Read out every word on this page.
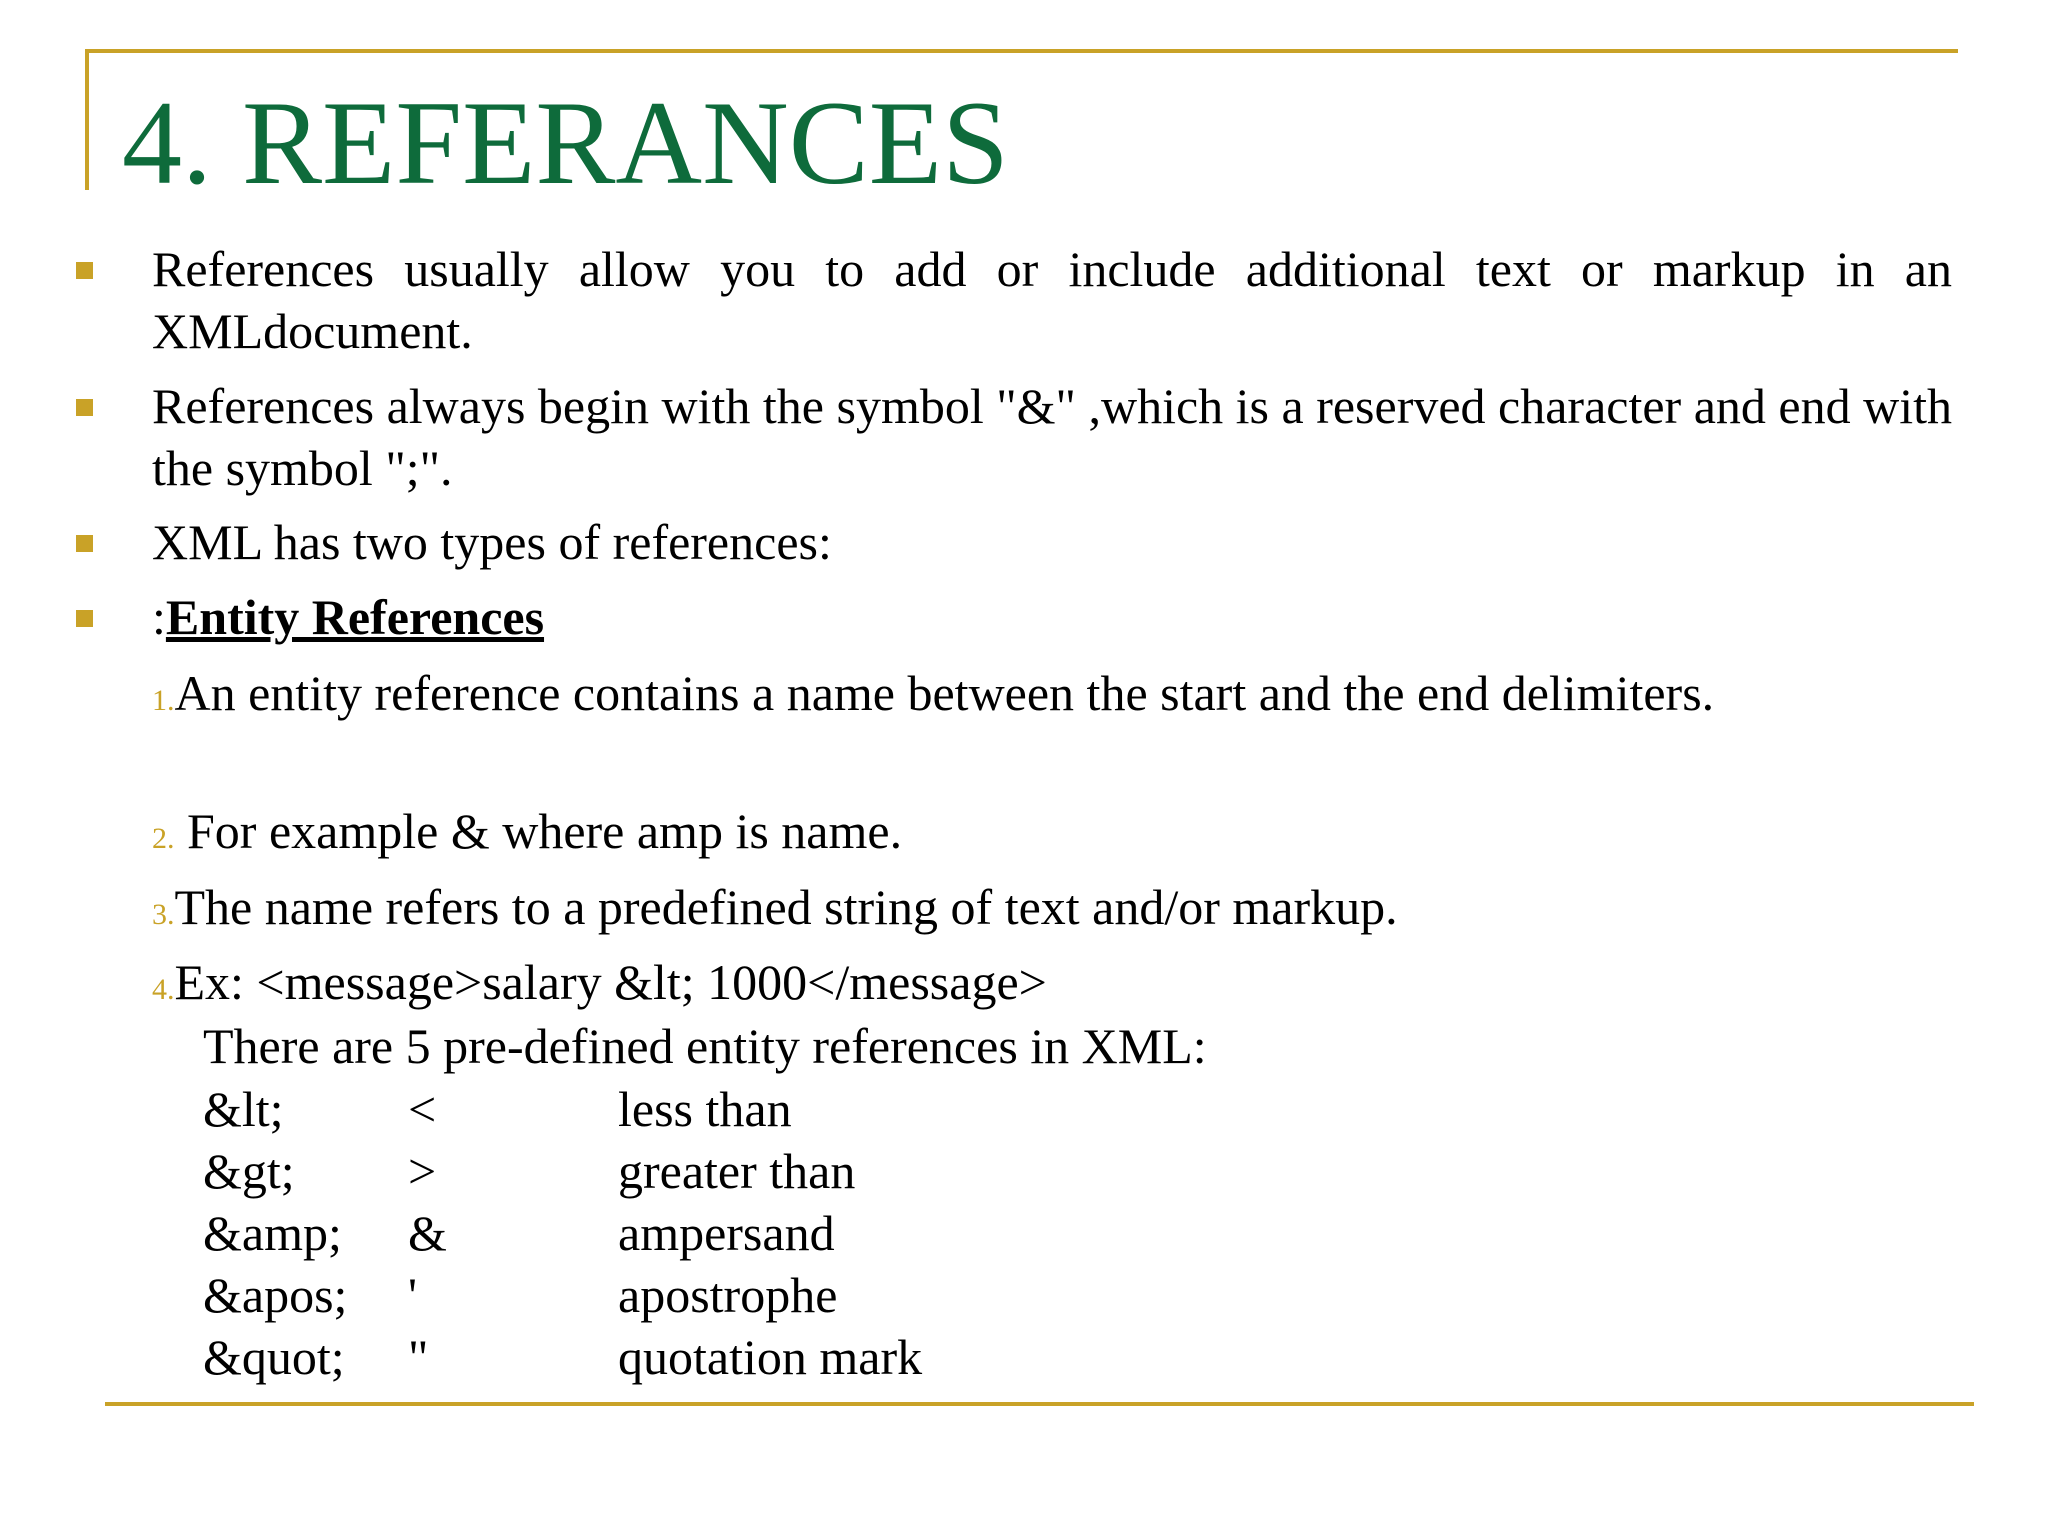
4. REFERANCES
References usually allow you to add or include additional text or markup in an XMLdocument.
References always begin with the symbol "&" ,which is a reserved character and end with the symbol ";".
XML has two types of references:
:Entity References
1.An entity reference contains a name between the start and the end delimiters.
2. For example & where amp is name.
3.The name refers to a predefined string of text and/or markup.
4.Ex: <message>salary &lt; 1000</message>
There are 5 pre-defined entity references in XML:
&lt;	<	less than
&gt;	>	greater than
&amp;	&	ampersand
&apos;	'	apostrophe
&quot;	"	quotation mark
